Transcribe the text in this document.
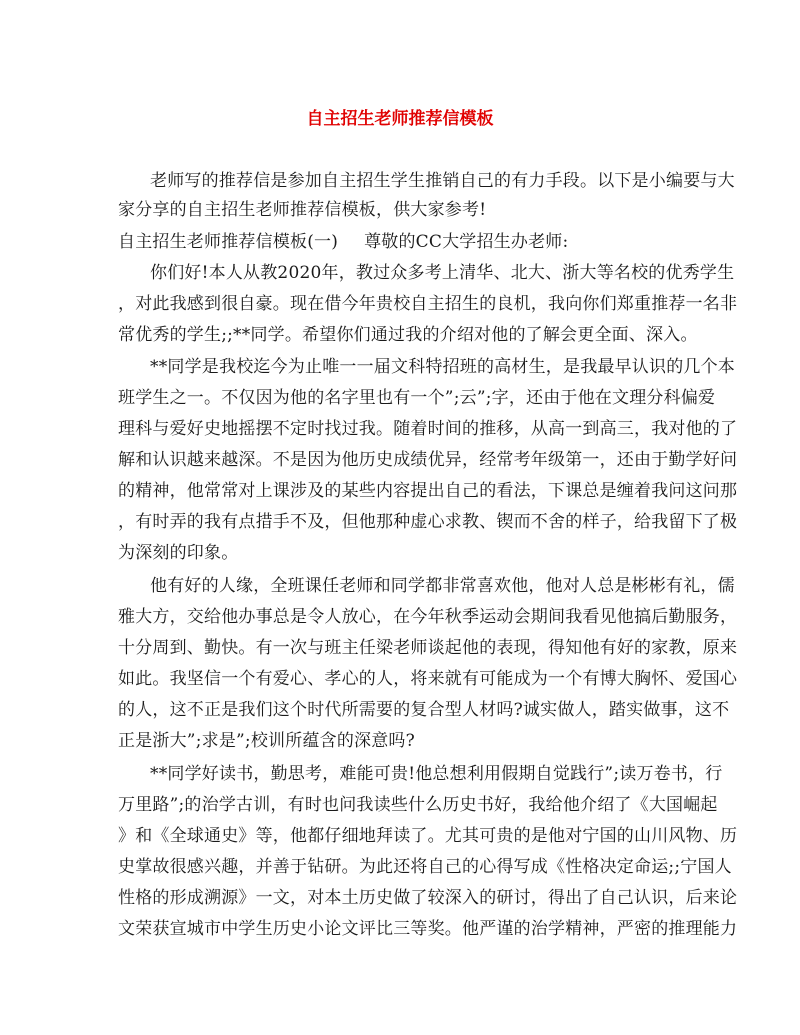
自主招生老师推荐信模板
老师写的推荐信是参加自主招生学生推销自己的有力手段。以下是小编要与大
家分享的自主招生老师推荐信模板，供大家参考!
自主招生老师推荐信模板(一) 尊敬的CC大学招生办老师:
你们好!本人从教2020年，教过众多考上清华、北大、浙大等名校的优秀学生
，对此我感到很自豪。现在借今年贵校自主招生的良机，我向你们郑重推荐一名非
常优秀的学生;;**同学。希望你们通过我的介绍对他的了解会更全面、深入。
**同学是我校迄今为止唯一一届文科特招班的高材生，是我最早认识的几个本
班学生之一。不仅因为他的名字里也有一个”;云”;字，还由于他在文理分科偏爱
理科与爱好史地摇摆不定时找过我。随着时间的推移，从高一到高三，我对他的了
解和认识越来越深。不是因为他历史成绩优异，经常考年级第一，还由于勤学好问
的精神，他常常对上课涉及的某些内容提出自己的看法，下课总是缠着我问这问那
，有时弄的我有点措手不及，但他那种虚心求教、锲而不舍的样子，给我留下了极
为深刻的印象。
他有好的人缘，全班课任老师和同学都非常喜欢他，他对人总是彬彬有礼，儒
雅大方，交给他办事总是令人放心，在今年秋季运动会期间我看见他搞后勤服务，
十分周到、勤快。有一次与班主任梁老师谈起他的表现，得知他有好的家教，原来
如此。我坚信一个有爱心、孝心的人，将来就有可能成为一个有博大胸怀、爱国心
的人，这不正是我们这个时代所需要的复合型人材吗?诚实做人，踏实做事，这不
正是浙大”;求是”;校训所蕴含的深意吗?
**同学好读书，勤思考，难能可贵!他总想利用假期自觉践行”;读万卷书，行
万里路”;的治学古训，有时也问我读些什么历史书好，我给他介绍了《大国崛起
》和《全球通史》等，他都仔细地拜读了。尤其可贵的是他对宁国的山川风物、历
史掌故很感兴趣，并善于钻研。为此还将自己的心得写成《性格决定命运;;宁国人
性格的形成溯源》一文，对本土历史做了较深入的研讨，得出了自己认识，后来论
文荣获宣城市中学生历史小论文评比三等奖。他严谨的治学精神，严密的推理能力
